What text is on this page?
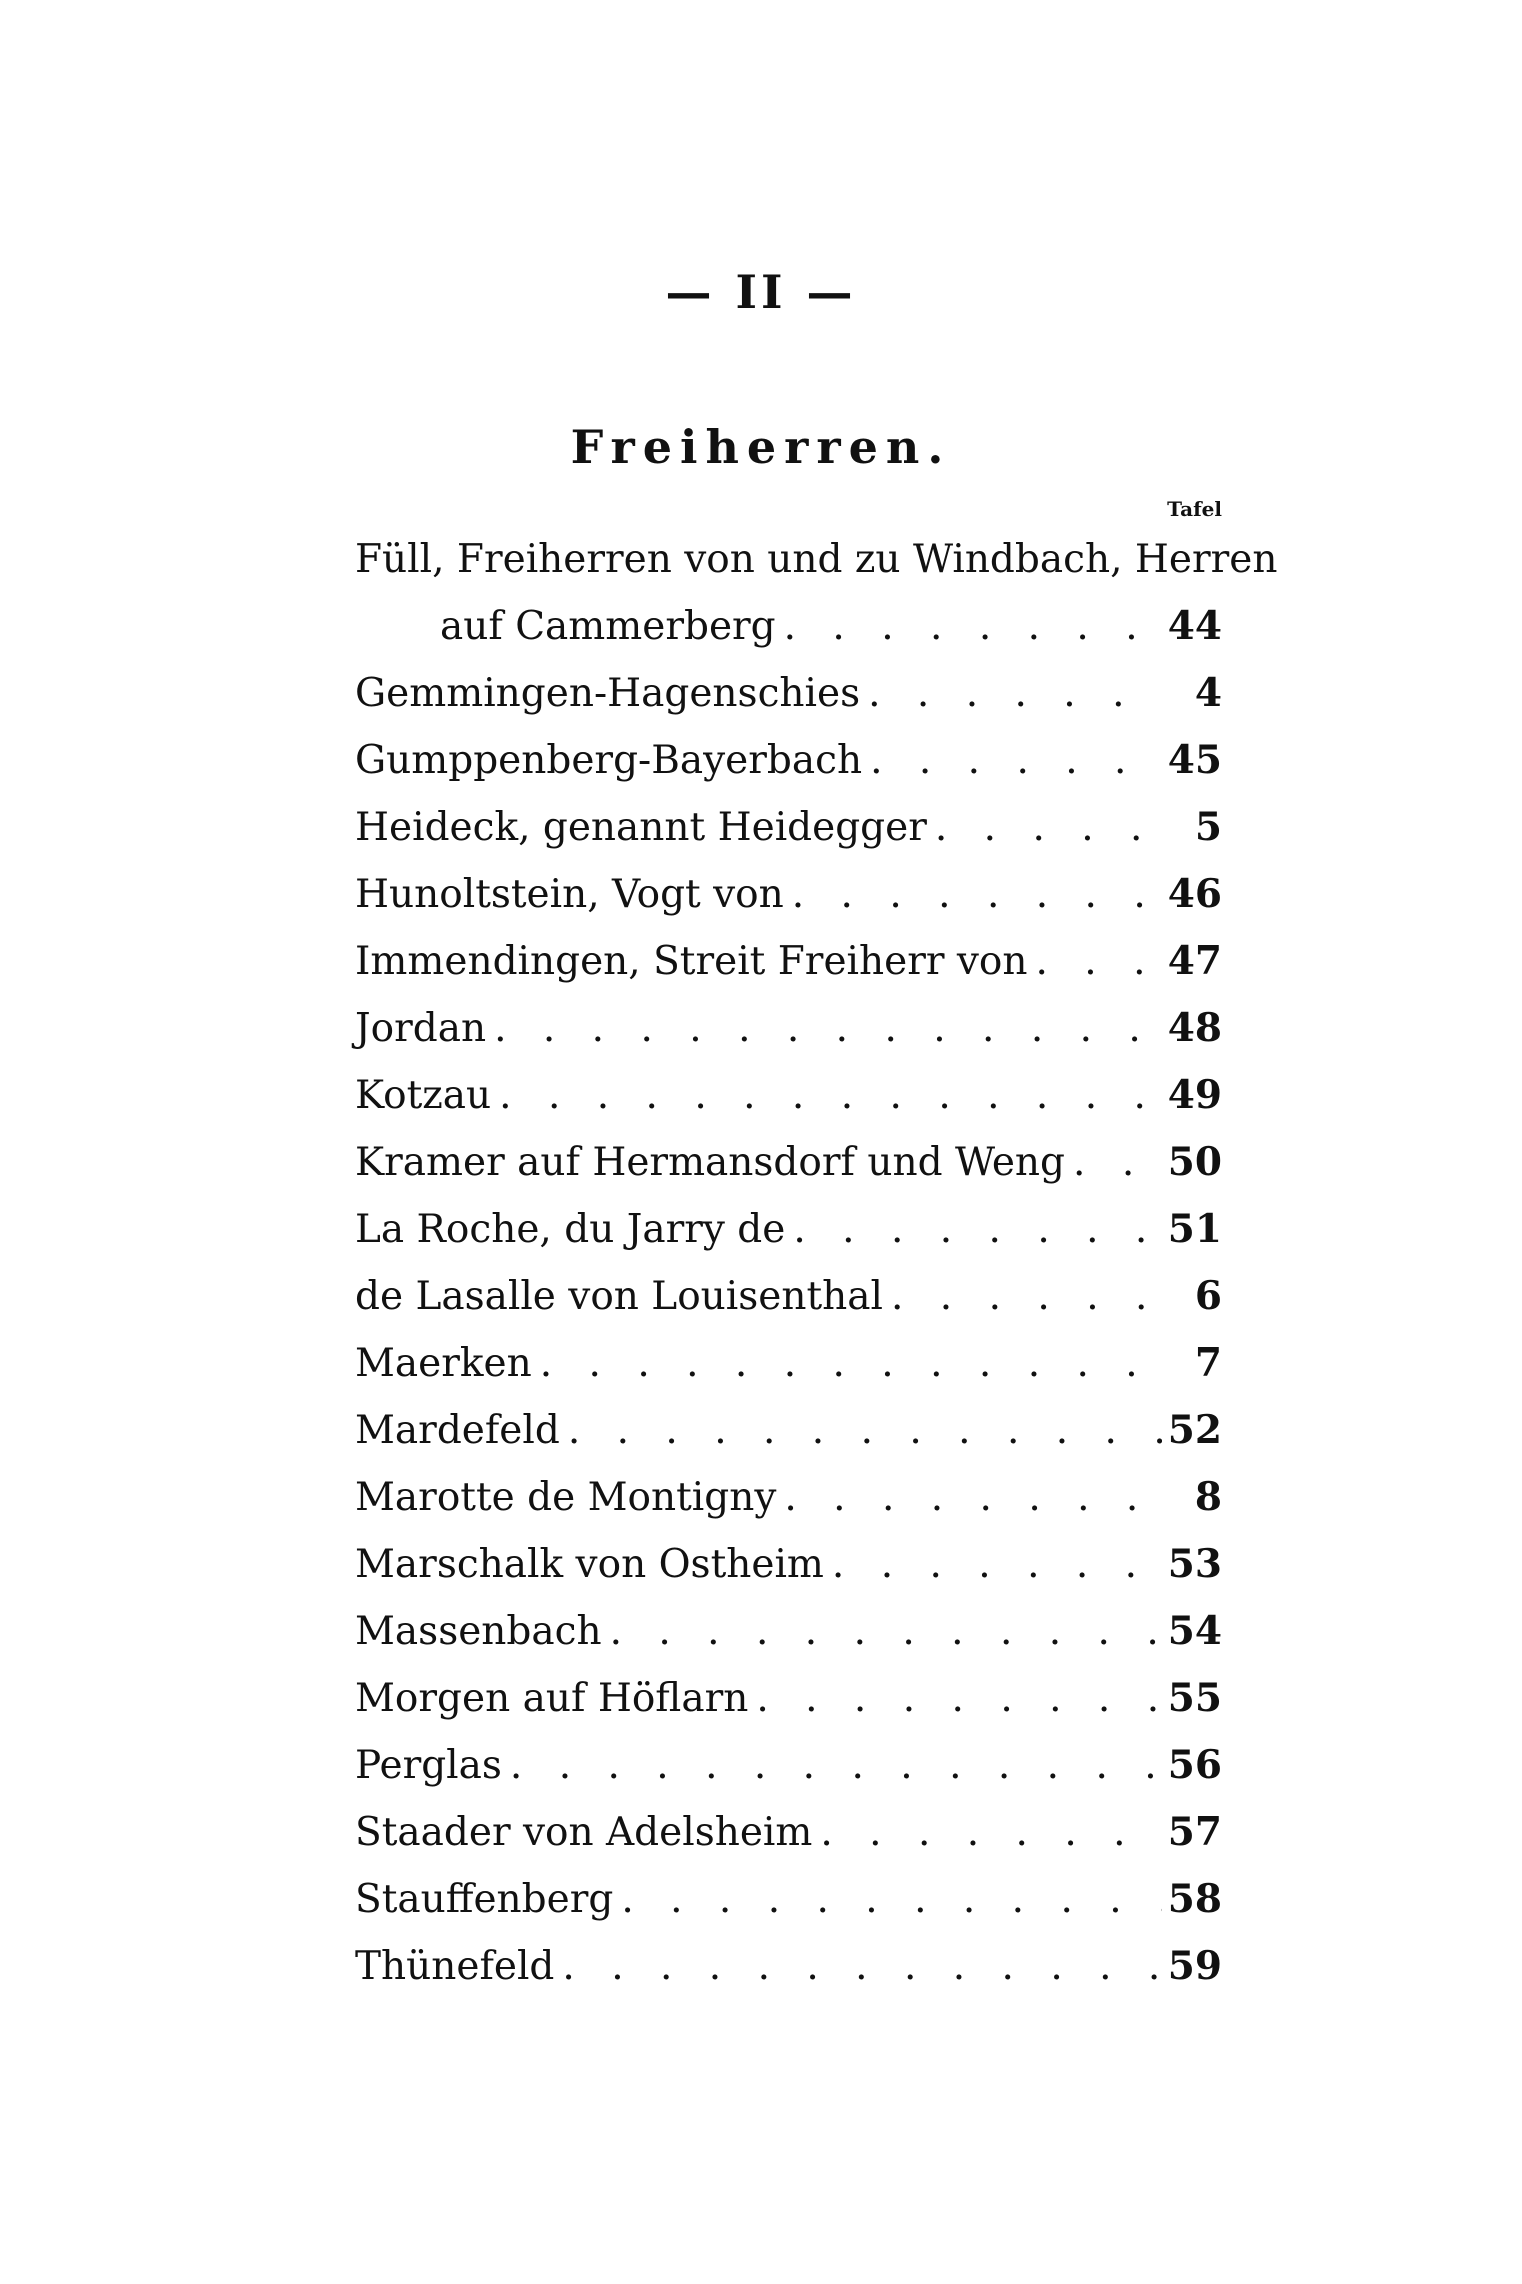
— II —
Freiherren.
Tafel
Füll, Freiherren von und zu Windbach, Herren
auf Cammerberg . . .	44
Gemmingen-Hagenschies . . .	4
Gumppenberg-Bayerbach . . .	45
Heideck, genannt Heidegger . . .	5
Hunoltstein, Vogt von . . .	46
Immendingen, Streit Freiherr von . . .	47
Jordan . . .	48
Kotzau . . .	49
Kramer auf Hermansdorf und Weng . . .	50
La Roche, du Jarry de . . .	51
de Lasalle von Louisenthal . . .	6
Maerken . . .	7
Mardefeld . . .	52
Marotte de Montigny . . .	8
Marschalk von Ostheim . . .	53
Massenbach . . .	54
Morgen auf Höflarn . . .	55
Perglas . . .	56
Staader von Adelsheim . . .	57
Stauffenberg . . .	58
Thünefeld . . .	59
